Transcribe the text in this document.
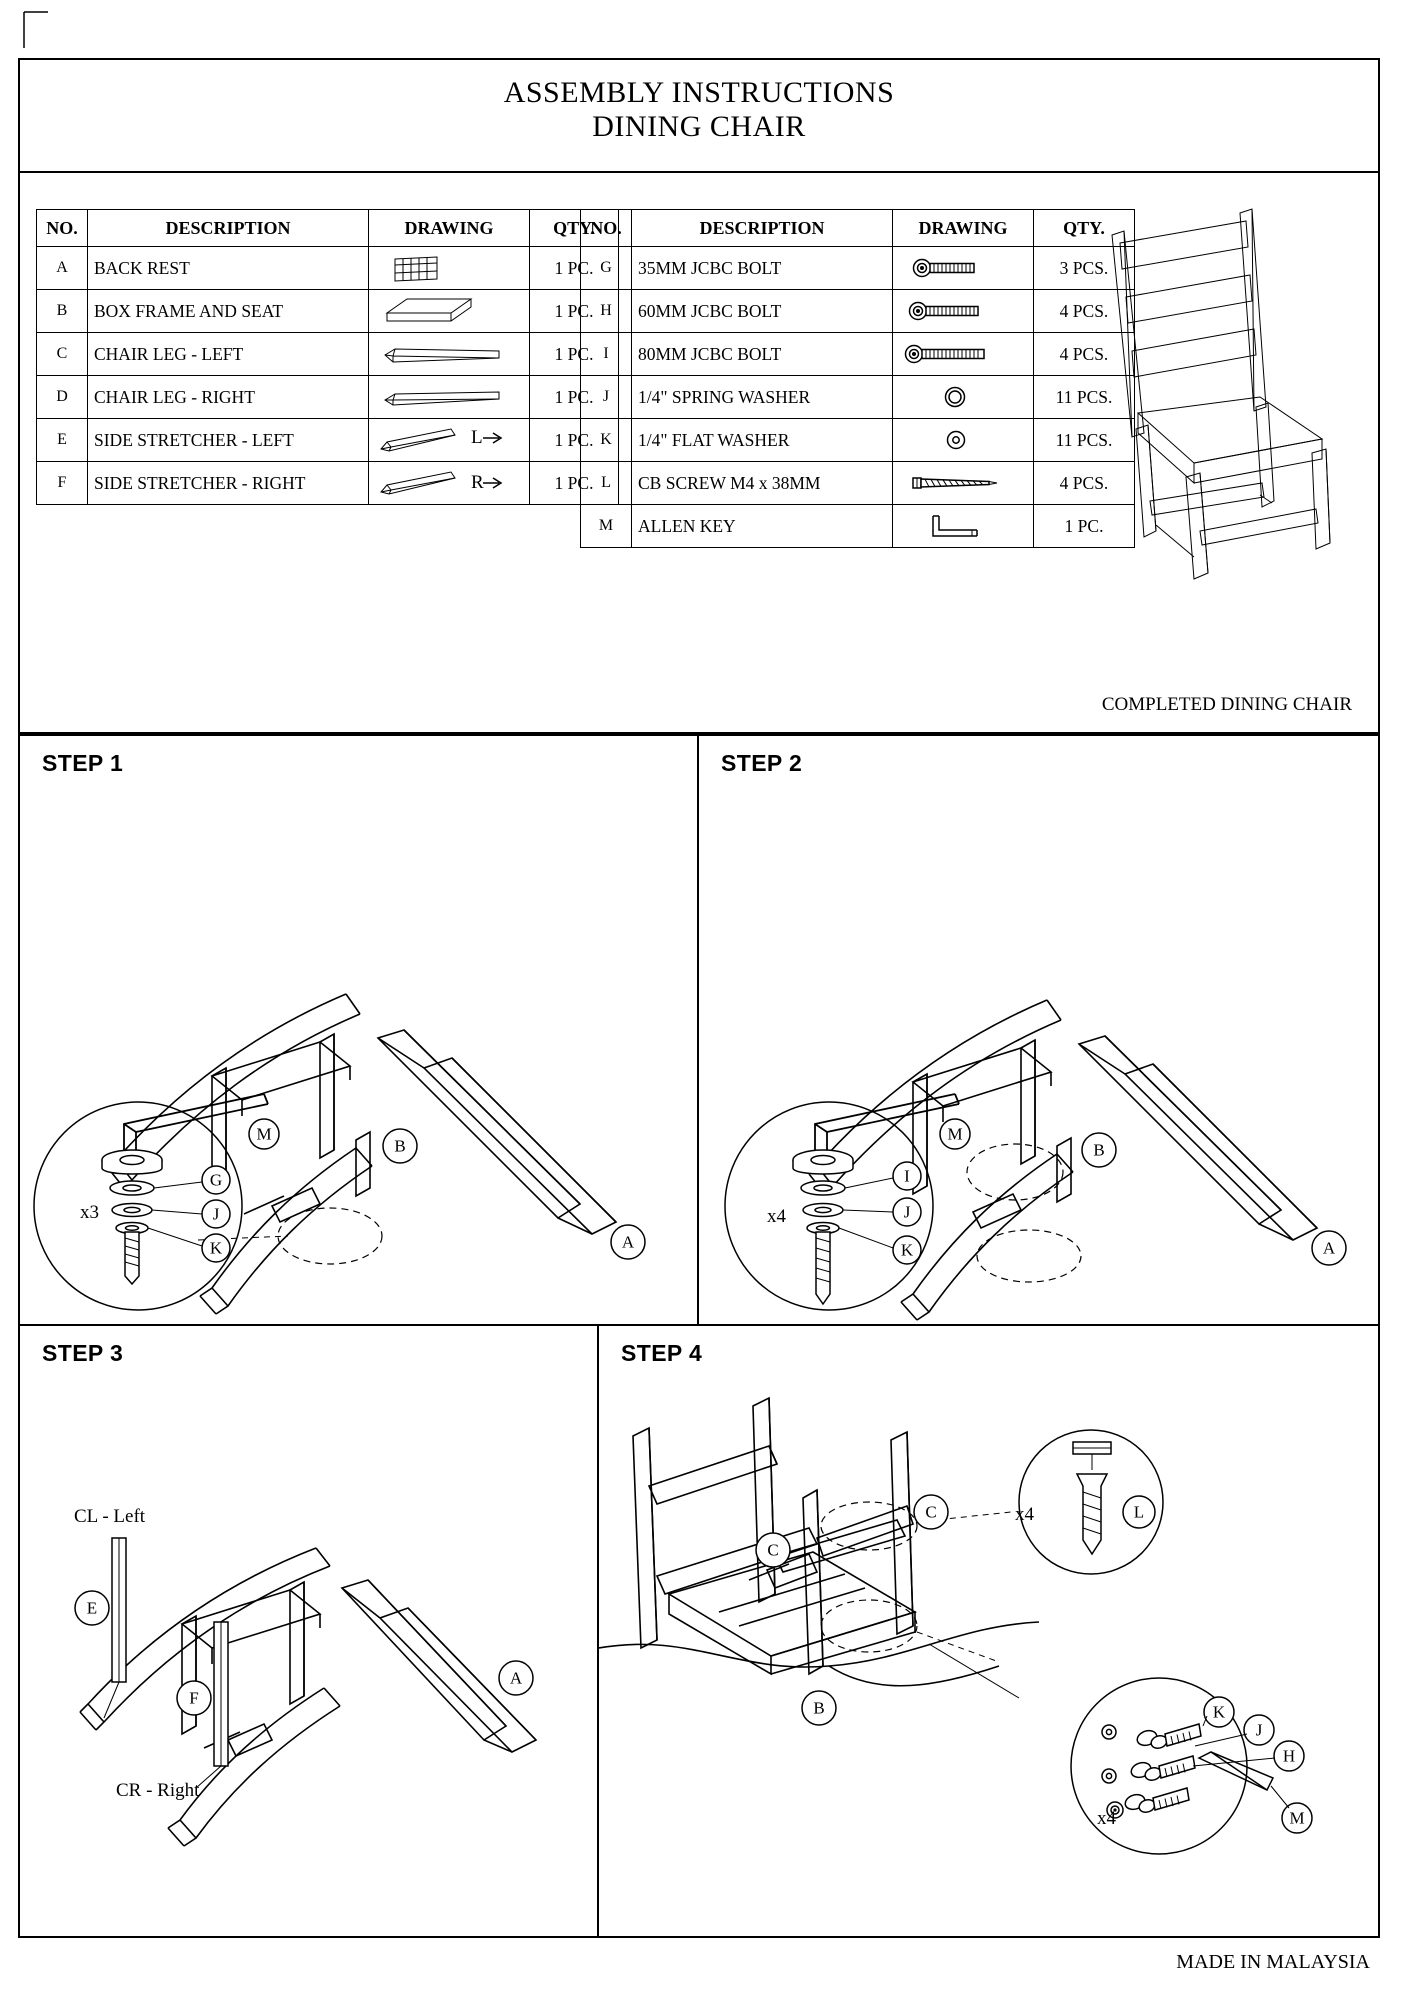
ASSEMBLY INSTRUCTIONS
DINING CHAIR
NO.	DESCRIPTION	DRAWING	QTY.
A	BACK REST		1 PC.
B	BOX FRAME AND SEAT		1 PC.
C	CHAIR LEG - LEFT		1 PC.
D	CHAIR LEG - RIGHT		1 PC.
E	SIDE STRETCHER - LEFT	L	1 PC.
F	SIDE STRETCHER - RIGHT	R	1 PC.
NO.	DESCRIPTION	DRAWING	QTY.
G	35MM JCBC BOLT		3 PCS.
H	60MM JCBC BOLT		4 PCS.
I	80MM JCBC BOLT		4 PCS.
J	1/4" SPRING WASHER		11 PCS.
K	1/4" FLAT WASHER		11 PCS.
L	CB SCREW M4 x 38MM		4 PCS.
M	ALLEN KEY		1 PC.
COMPLETED DINING CHAIR
STEP 1
G
J
K
M
x3
B
A
STEP 2
I
J
K
M
x4
B
A
STEP 3
E
F
CL - Left
CR - Right
A
STEP 4
L
x4
K
J
H
M
x4
C
C
B
MADE IN MALAYSIA
